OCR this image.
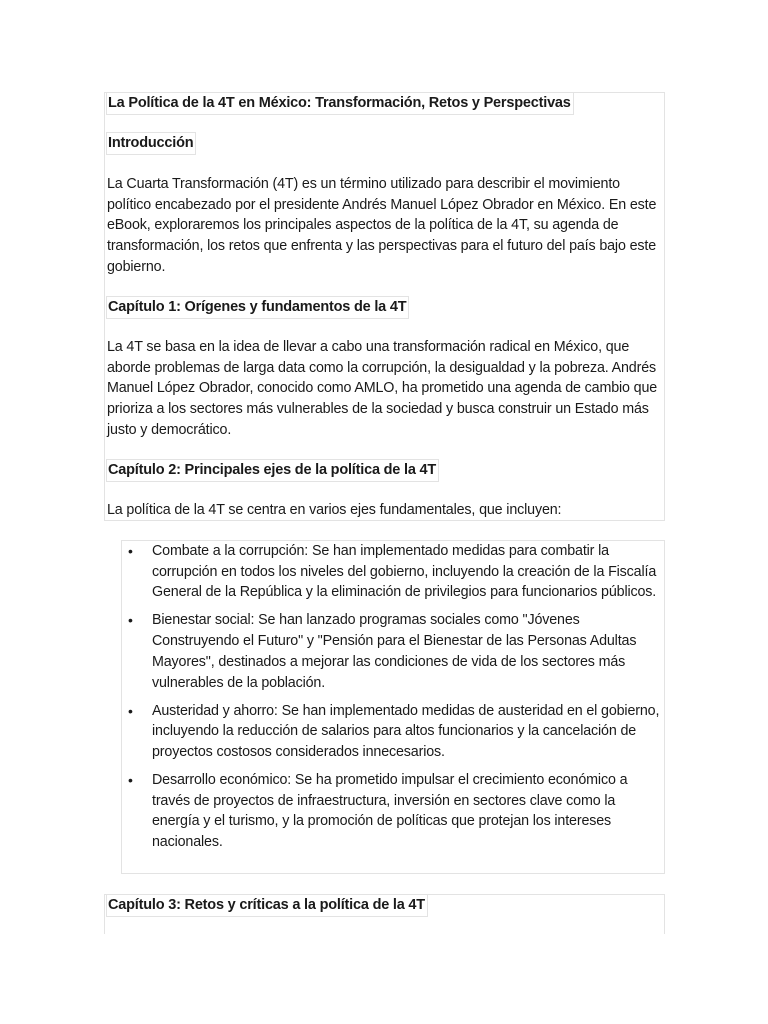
La Política de la 4T en México: Transformación, Retos y Perspectivas
Introducción
La Cuarta Transformación (4T) es un término utilizado para describir el movimiento político encabezado por el presidente Andrés Manuel López Obrador en México. En este eBook, exploraremos los principales aspectos de la política de la 4T, su agenda de transformación, los retos que enfrenta y las perspectivas para el futuro del país bajo este gobierno.
Capítulo 1: Orígenes y fundamentos de la 4T
La 4T se basa en la idea de llevar a cabo una transformación radical en México, que aborde problemas de larga data como la corrupción, la desigualdad y la pobreza. Andrés Manuel López Obrador, conocido como AMLO, ha prometido una agenda de cambio que prioriza a los sectores más vulnerables de la sociedad y busca construir un Estado más justo y democrático.
Capítulo 2: Principales ejes de la política de la 4T
La política de la 4T se centra en varios ejes fundamentales, que incluyen:
• Combate a la corrupción: Se han implementado medidas para combatir la corrupción en todos los niveles del gobierno, incluyendo la creación de la Fiscalía General de la República y la eliminación de privilegios para funcionarios públicos.
• Bienestar social: Se han lanzado programas sociales como "Jóvenes Construyendo el Futuro" y "Pensión para el Bienestar de las Personas Adultas Mayores", destinados a mejorar las condiciones de vida de los sectores más vulnerables de la población.
• Austeridad y ahorro: Se han implementado medidas de austeridad en el gobierno, incluyendo la reducción de salarios para altos funcionarios y la cancelación de proyectos costosos considerados innecesarios.
• Desarrollo económico: Se ha prometido impulsar el crecimiento económico a través de proyectos de infraestructura, inversión en sectores clave como la energía y el turismo, y la promoción de políticas que protejan los intereses nacionales.
Capítulo 3: Retos y críticas a la política de la 4T
